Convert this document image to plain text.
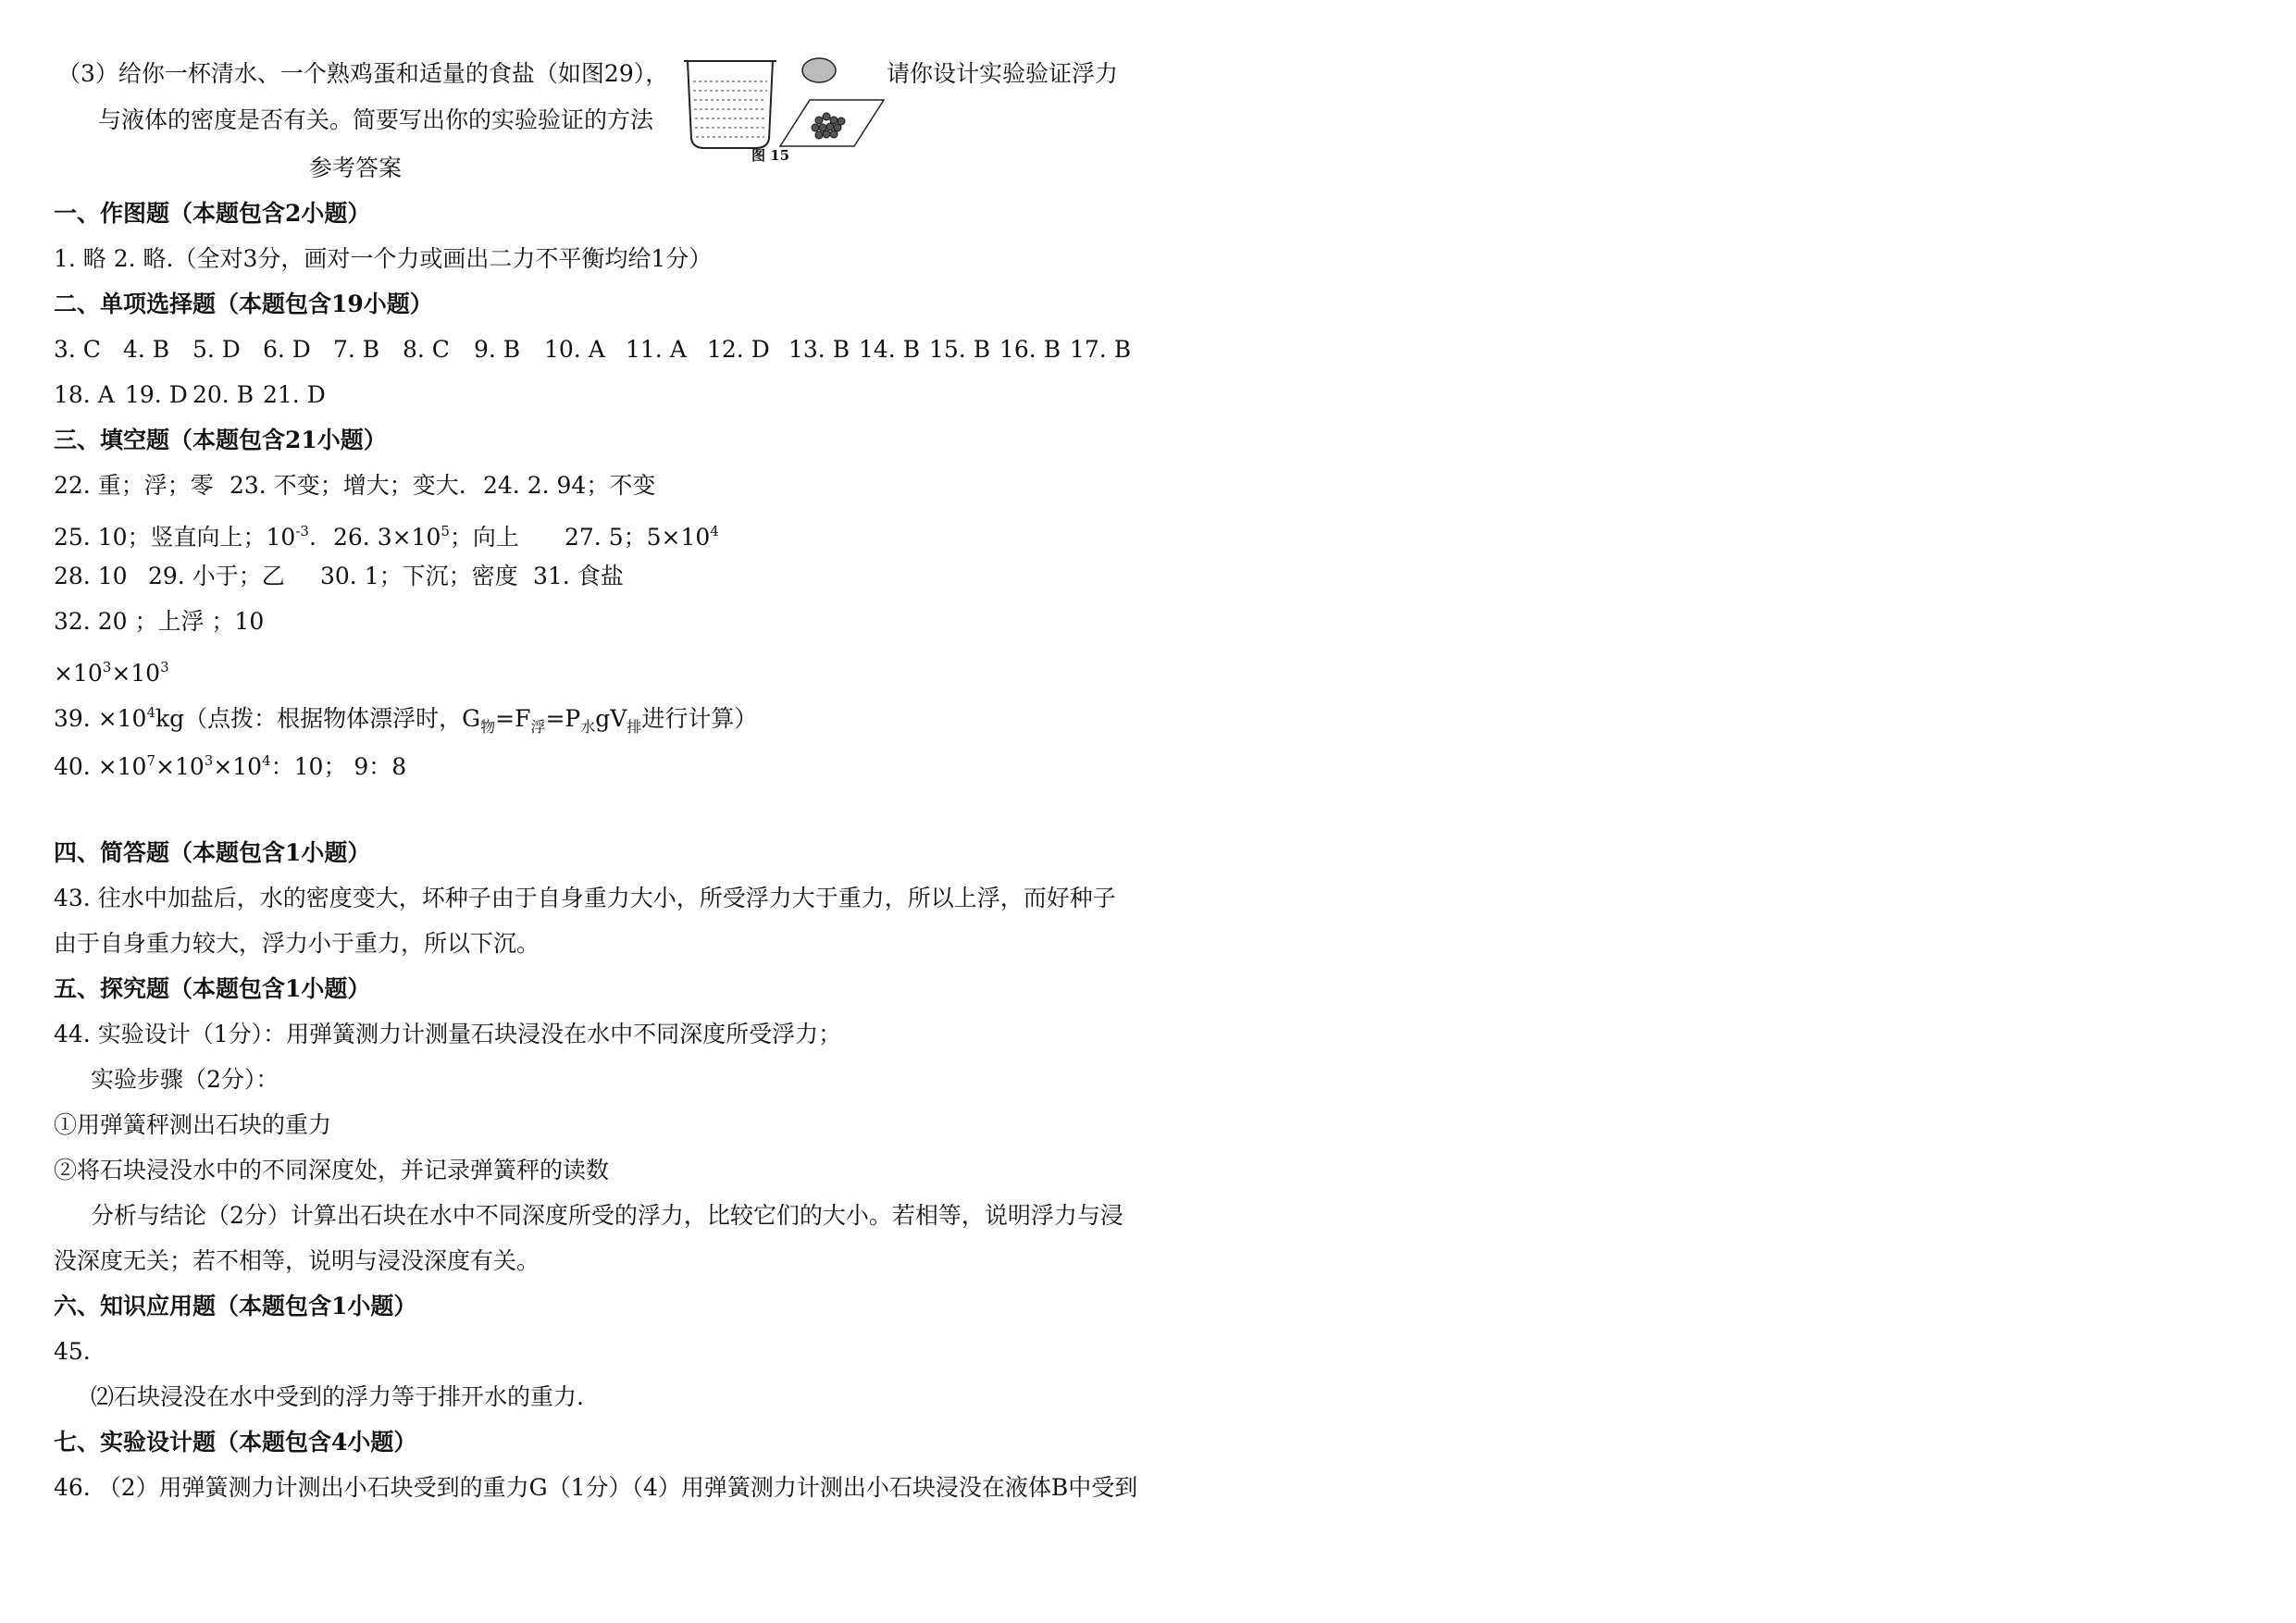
（3）给你一杯清水、一个熟鸡蛋和适量的食盐（如图29），	请你设计实验验证浮力
与液体的密度是否有关。简要写出你的实验验证的方法
图 15
参考答案
一、作图题（本题包含2小题）
1. 略 2. 略.（全对3分，画对一个力或画出二力不平衡均给1分）
二、单项选择题（本题包含19小题）
3. C 4. B 5. D 6. D 7. B 8. C 9. B 10. A 11. A 12. D 13. B 14. B 15. B 16. B 17. B
18. A 19. D 20. B 21. D
三、填空题（本题包含21小题）
22. 重；浮；零 23. 不变；增大；变大. 24. 2. 94；不变
25. 10；竖直向上；$10^{-3}$. 26. $3\times 10^5$；向上 27. 5；$5\times 10^4$
28. 10 29. 小于；乙 30. 1；下沉；密度 31. 食盐
32. 20 ；上浮 ；10
$\times 10^3\times 10^3$
39. $\times 10^4kg$（点拨：根据物体漂浮时，$G_物=F_浮=P_水gV_排$进行计算）
40. $\times 10^7\times 10^3\times 10^4$：10； 9：8
四、简答题（本题包含1小题）
43. 往水中加盐后，水的密度变大，坏种子由于自身重力大小，所受浮力大于重力，所以上浮，而好种子
由于自身重力较大，浮力小于重力，所以下沉。
五、探究题（本题包含1小题）
44. 实验设计（1分）：用弹簧测力计测量石块浸没在水中不同深度所受浮力；
实验步骤（2分）：
①用弹簧秤测出石块的重力
②将石块浸没水中的不同深度处，并记录弹簧秤的读数
分析与结论（2分）计算出石块在水中不同深度所受的浮力，比较它们的大小。若相等，说明浮力与浸
没深度无关；若不相等，说明与浸没深度有关。
六、知识应用题（本题包含1小题）
45.
⑵石块浸没在水中受到的浮力等于排开水的重力.
七、实验设计题（本题包含4小题）
46. （2）用弹簧测力计测出小石块受到的重力G（1分）（4）用弹簧测力计测出小石块浸没在液体B中受到
